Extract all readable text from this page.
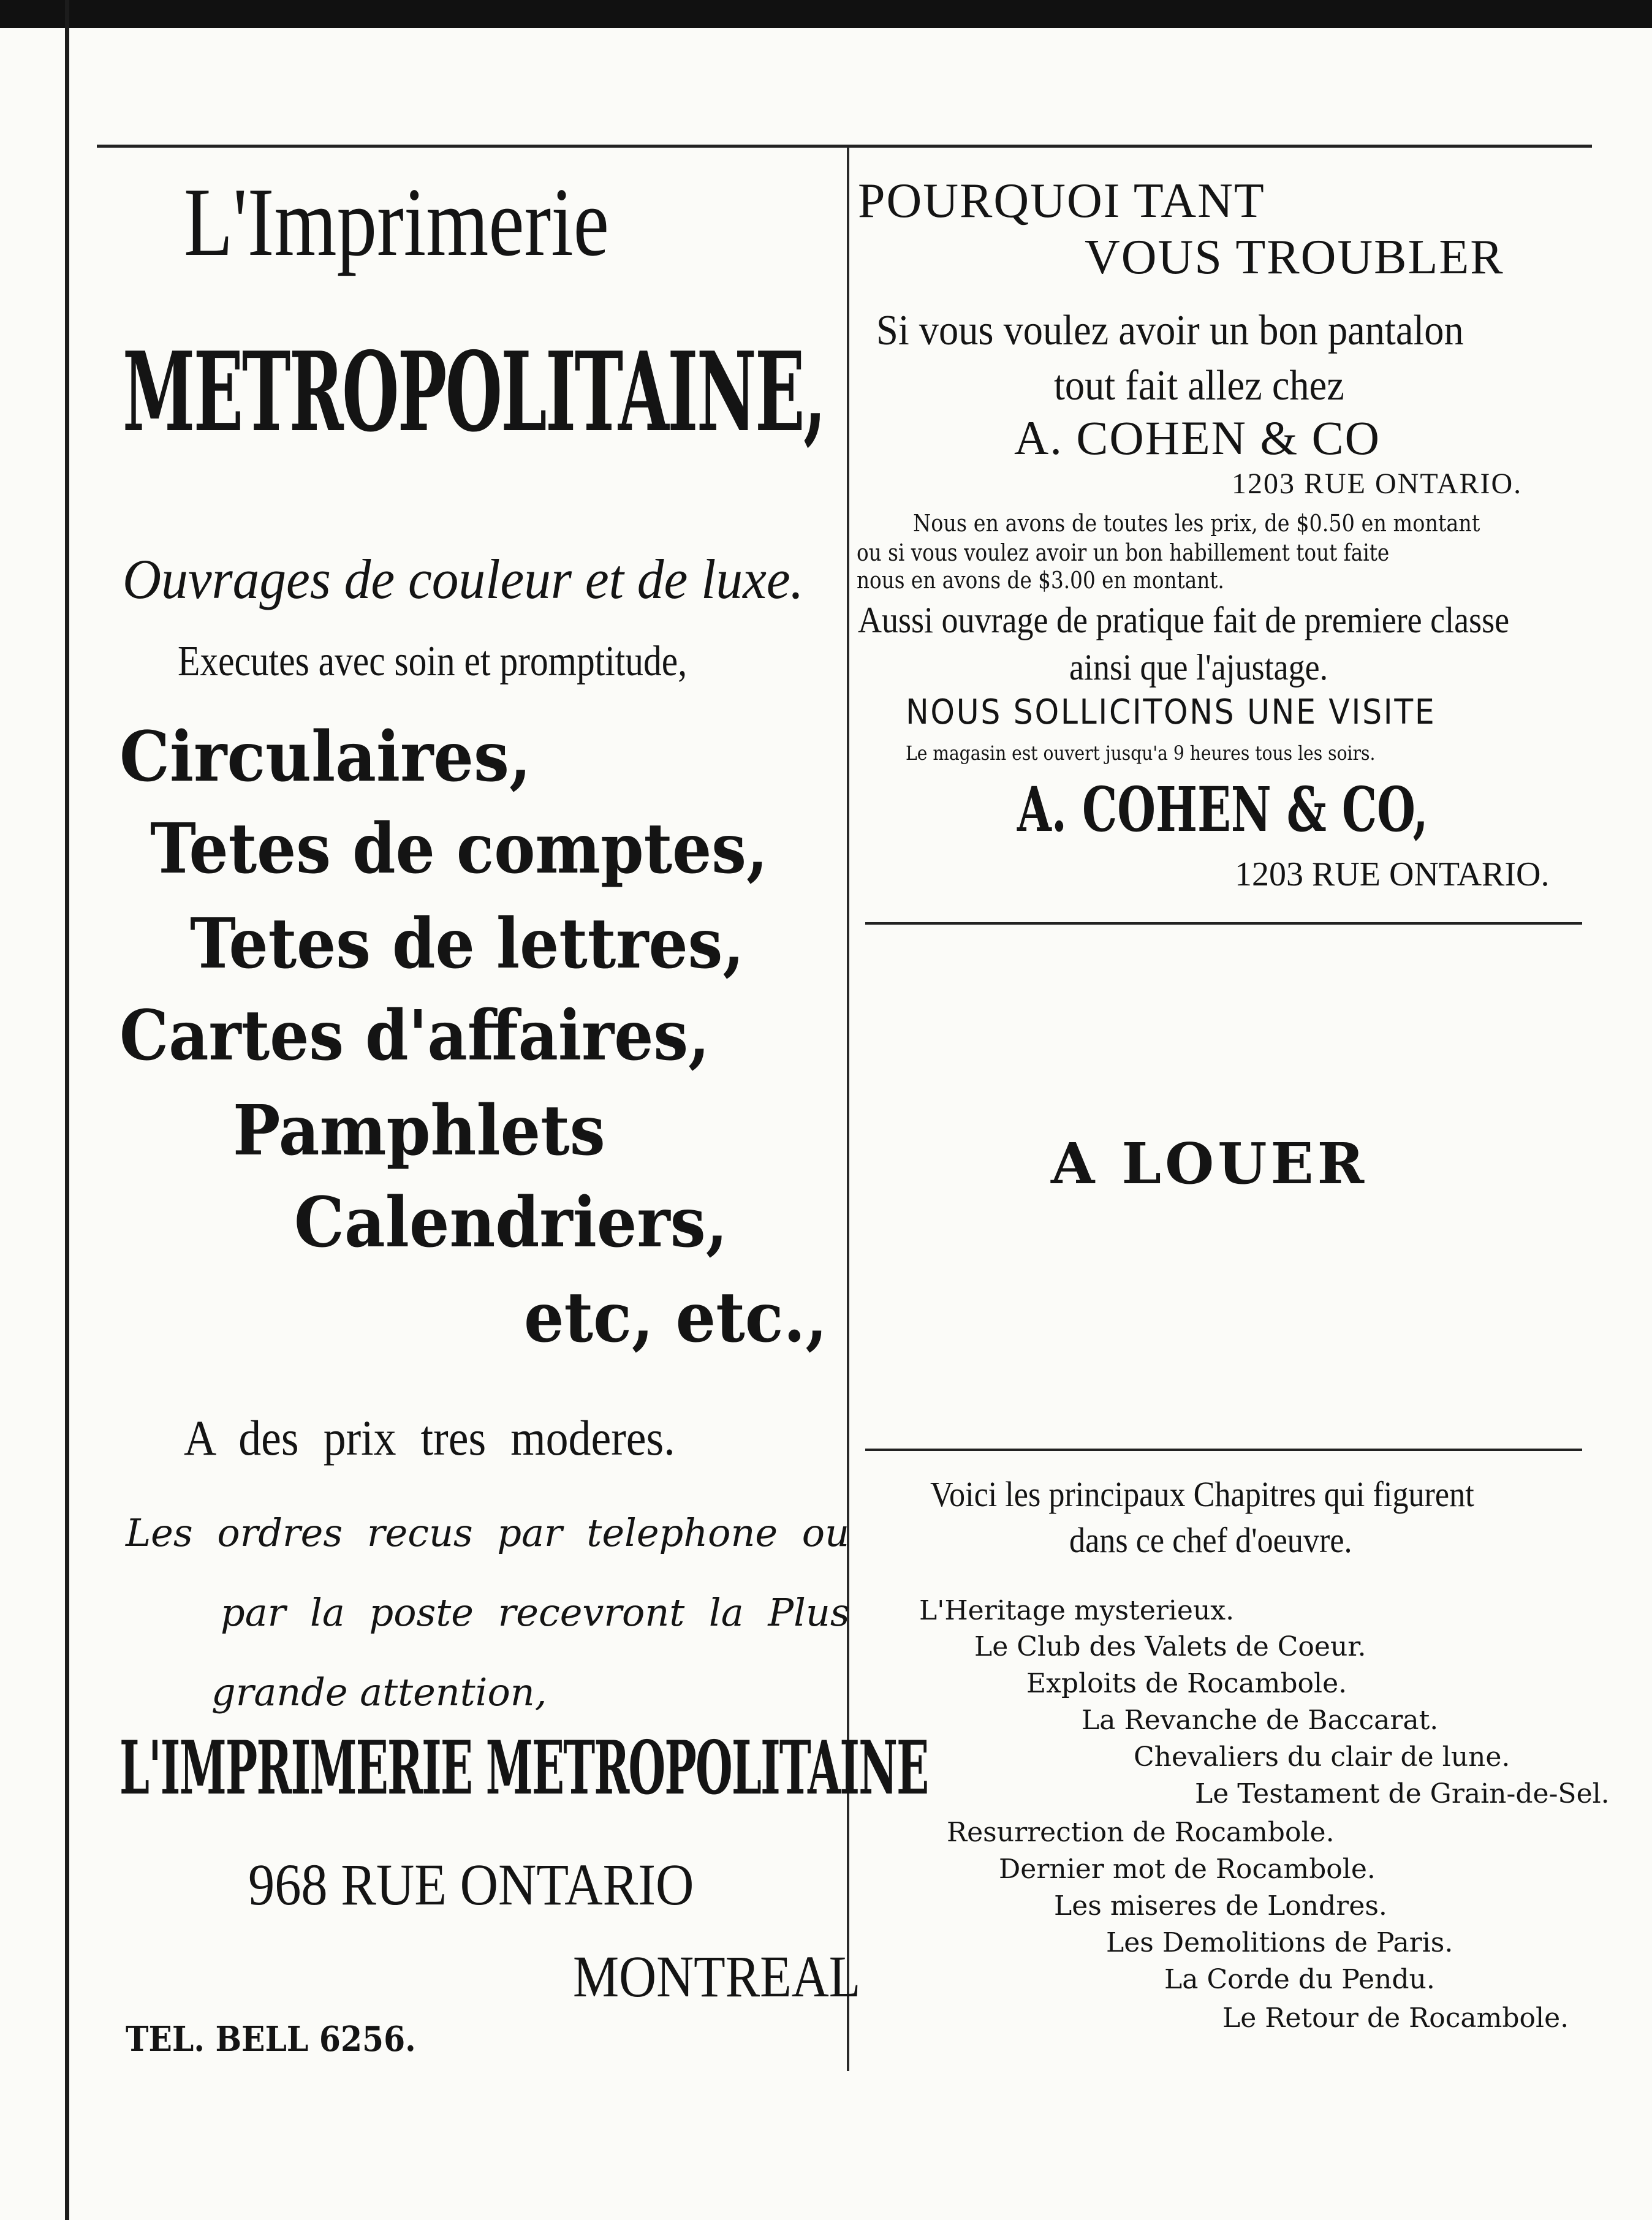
L'Imprimerie
METROPOLITAINE,
Ouvrages de couleur et de luxe.
Executes avec soin et promptitude,
Circulaires,
Tetes de comptes,
Tetes de lettres,
Cartes d'affaires,
Pamphlets
Calendriers,
etc, etc.,
A des prix tres moderes.
Les ordres recus par telephone ou
par la poste recevront la Plus
grande attention,
L'IMPRIMERIE METROPOLITAINE
968 RUE ONTARIO
MONTREAL
TEL. BELL 6256.
POURQUOI TANT
VOUS TROUBLER
Si vous voulez avoir un bon pantalon
tout fait allez chez
A. COHEN & CO
1203 RUE ONTARIO.
Nous en avons de toutes les prix, de $0.50 en montant
ou si vous voulez avoir un bon habillement tout faite
nous en avons de $3.00 en montant.
Aussi ouvrage de pratique fait de premiere classe
ainsi que l'ajustage.
NOUS SOLLICITONS UNE VISITE
Le magasin est ouvert jusqu'a 9 heures tous les soirs.
A. COHEN & CO,
1203 RUE ONTARIO.
A LOUER
Voici les principaux Chapitres qui figurent
dans ce chef d'oeuvre.
L'Heritage mysterieux.
Le Club des Valets de Coeur.
Exploits de Rocambole.
La Revanche de Baccarat.
Chevaliers du clair de lune.
Le Testament de Grain-de-Sel.
Resurrection de Rocambole.
Dernier mot de Rocambole.
Les miseres de Londres.
Les Demolitions de Paris.
La Corde du Pendu.
Le Retour de Rocambole.
